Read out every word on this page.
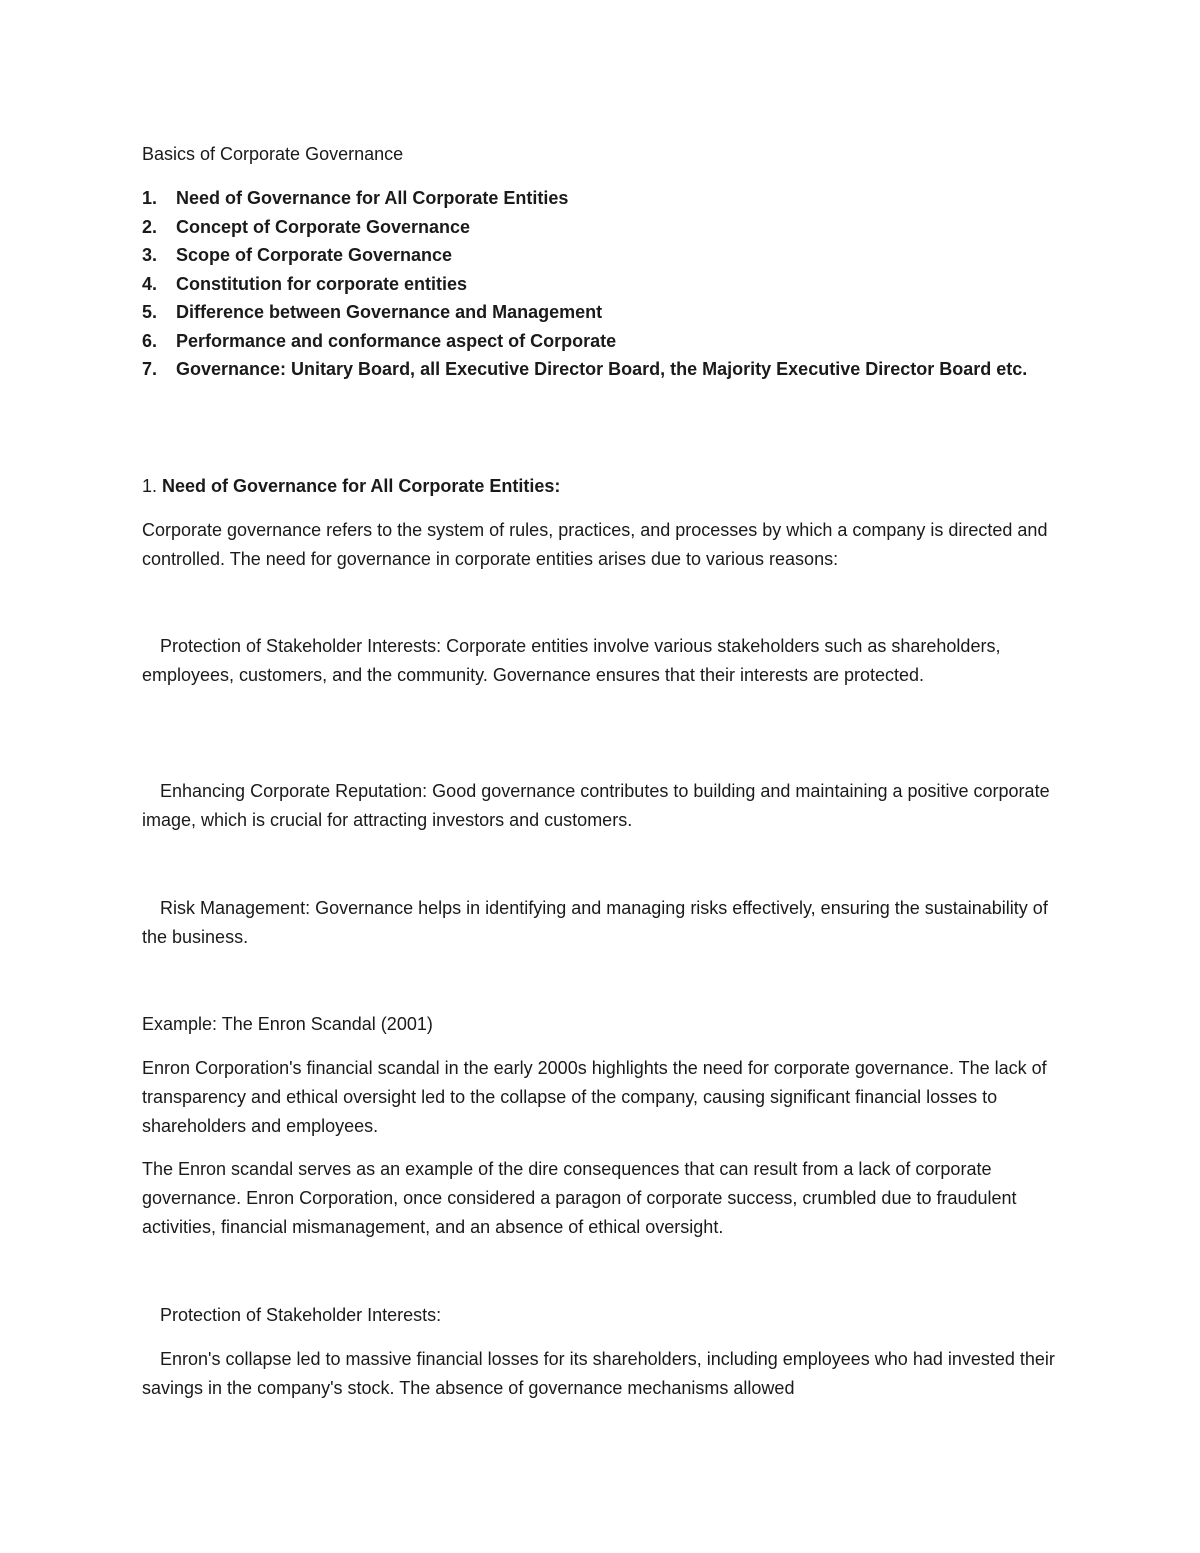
Basics of Corporate Governance

1. Need of Governance for All Corporate Entities
2. Concept of Corporate Governance
3. Scope of Corporate Governance
4. Constitution for corporate entities
5. Difference between Governance and Management
6. Performance and conformance aspect of Corporate
7. Governance: Unitary Board, all Executive Director Board, the Majority Executive Director Board etc.

1. Need of Governance for All Corporate Entities:

Corporate governance refers to the system of rules, practices, and processes by which a company is directed and controlled. The need for governance in corporate entities arises due to various reasons:

Protection of Stakeholder Interests: Corporate entities involve various stakeholders such as shareholders, employees, customers, and the community. Governance ensures that their interests are protected.

Enhancing Corporate Reputation: Good governance contributes to building and maintaining a positive corporate image, which is crucial for attracting investors and customers.

Risk Management: Governance helps in identifying and managing risks effectively, ensuring the sustainability of the business.

Example: The Enron Scandal (2001)

Enron Corporation's financial scandal in the early 2000s highlights the need for corporate governance. The lack of transparency and ethical oversight led to the collapse of the company, causing significant financial losses to shareholders and employees.

The Enron scandal serves as an example of the dire consequences that can result from a lack of corporate governance. Enron Corporation, once considered a paragon of corporate success, crumbled due to fraudulent activities, financial mismanagement, and an absence of ethical oversight.

Protection of Stakeholder Interests:

Enron's collapse led to massive financial losses for its shareholders, including employees who had invested their savings in the company's stock. The absence of governance mechanisms allowed
